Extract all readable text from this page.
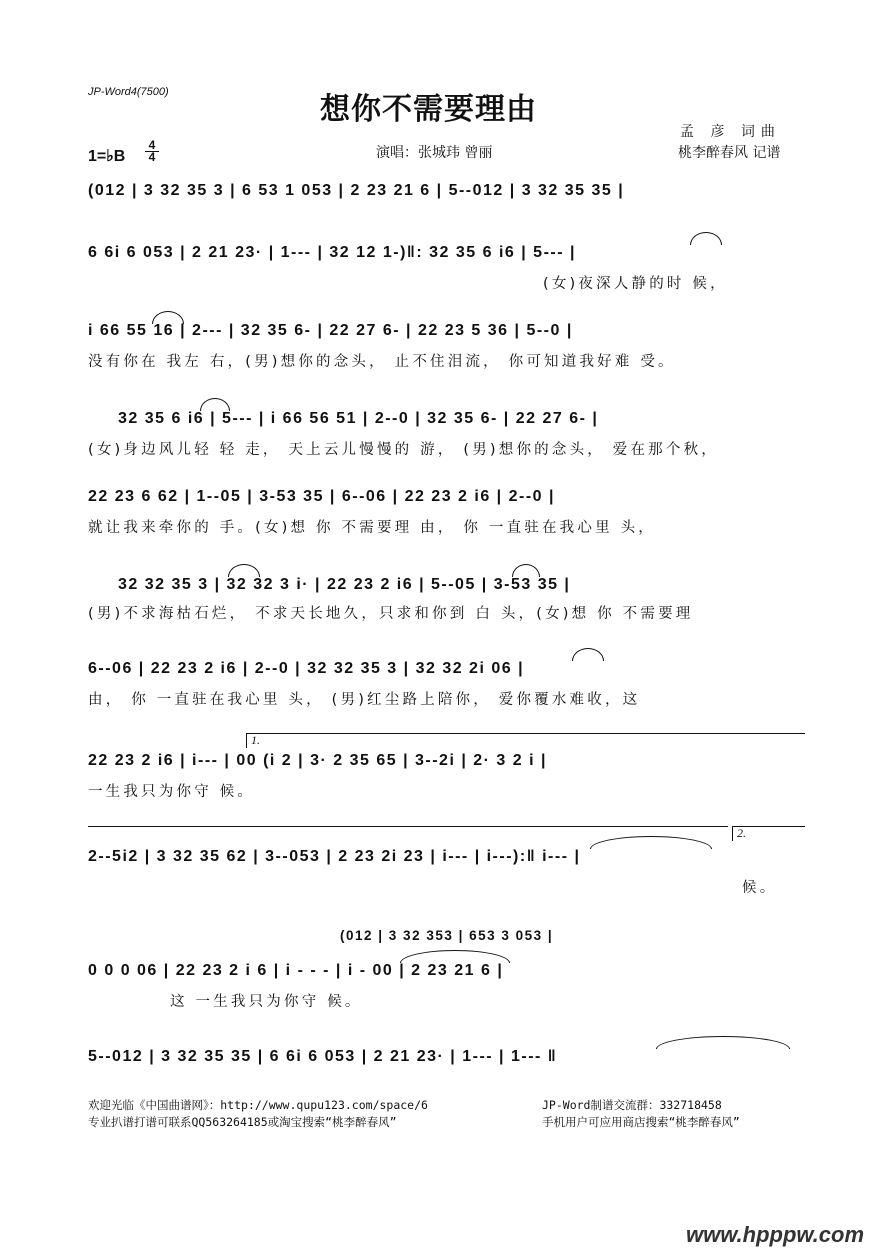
JP-Word4(7500)	想你不需要理由
孟 彦 词曲
桃李醉春风 记谱
演唱：张城玮 曾丽
1=♭B
4
4
(012 | 3 32 35 3 | 6 53 1 053 | 2 23 21 6 | 5--012 | 3 32 35 35 |
6 6i 6 053 | 2 21 23· | 1--- | 32 12 1-)‖: 32 35 6 i6 | 5--- |
(女)夜深人静的时 候，
i 66 55 16 | 2--- | 32 35 6- | 22 27 6- | 22 23 5 36 | 5--0 |
没有你在 我左 右，(男)想你的念头， 止不住泪流， 你可知道我好难 受。
32 35 6 i6 | 5--- | i 66 56 51 | 2--0 | 32 35 6- | 22 27 6- |
(女)身边风儿轻 轻 走， 天上云儿慢慢的 游， (男)想你的念头， 爱在那个秋，
22 23 6 62 | 1--05 | 3-53 35 | 6--06 | 22 23 2 i6 | 2--0 |
就让我来牵你的 手。(女)想 你 不需要理 由， 你 一直驻在我心里 头，
32 32 35 3 | 32 32 3 i· | 22 23 2 i6 | 5--05 | 3-53 35 |
(男)不求海枯石烂， 不求天长地久，只求和你到 白 头，(女)想 你 不需要理
6--06 | 22 23 2 i6 | 2--0 | 32 32 35 3 | 32 32 2i 06 |
由， 你 一直驻在我心里 头， (男)红尘路上陪你， 爱你覆水难收，这
1.
22 23 2 i6 | i--- | 00 (i 2 | 3· 2 35 65 | 3--2i | 2· 3 2 i |
一生我只为你守 候。
2.
2--5i2 | 3 32 35 62 | 3--053 | 2 23 2i 23 | i--- | i---):‖ i--- |
候。
(012 | 3 32 353 | 653 3 053 |
0 0 0 06 | 22 23 2 i 6 | i - - - | i - 00 | 2 23 21 6 |
这 一生我只为你守 候。
5--012 | 3 32 35 35 | 6 6i 6 053 | 2 21 23· | 1--- | 1--- ‖
欢迎光临《中国曲谱网》：http://www.qupu123.com/space/6
专业扒谱打谱可联系QQ563264185或淘宝搜索“桃李醉春风”
JP-Word制谱交流群：332718458
手机用户可应用商店搜索“桃李醉春风”
www.hpppw.com
